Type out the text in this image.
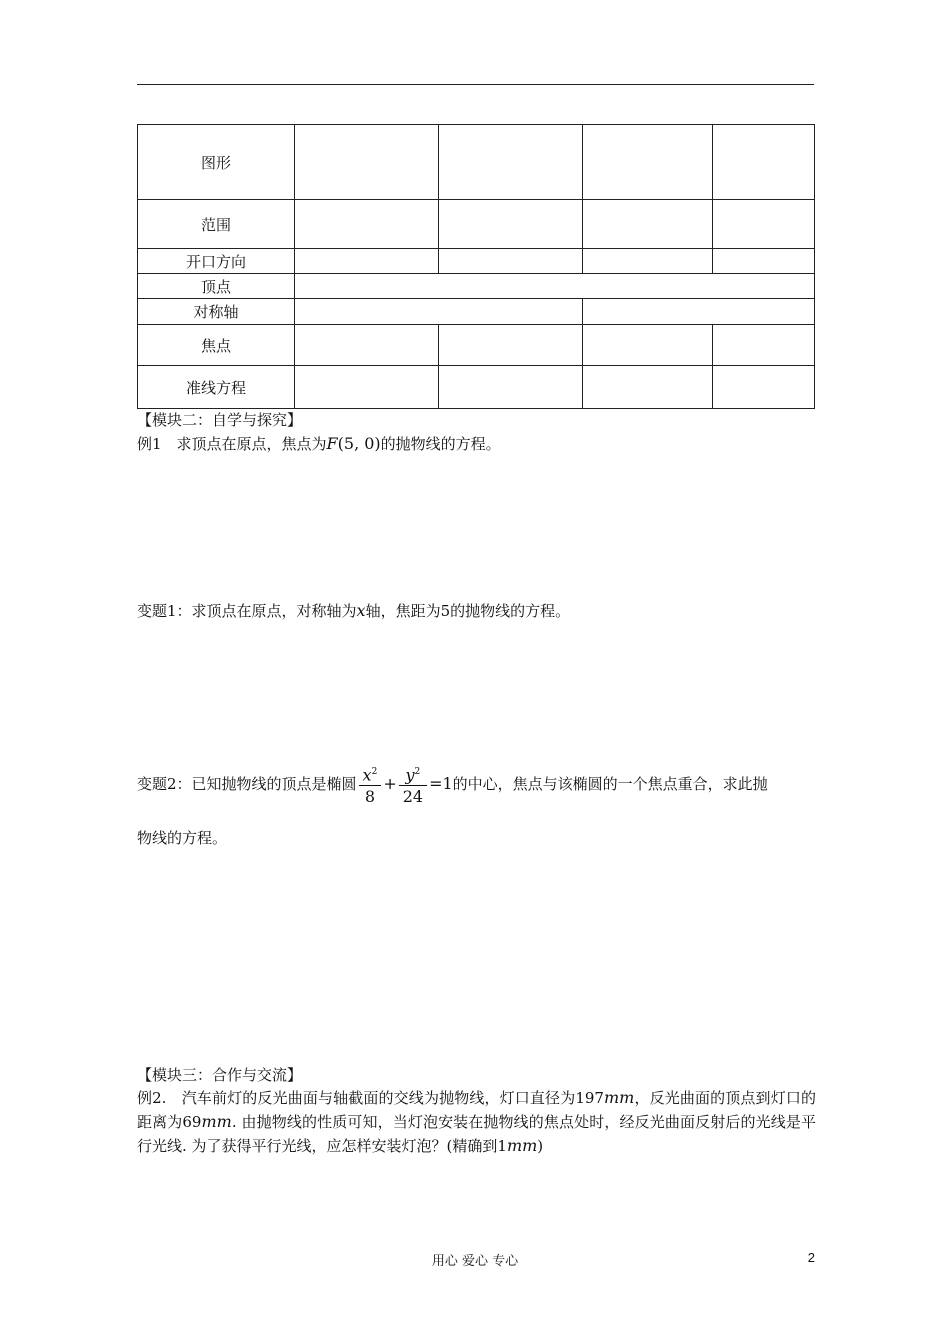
图形				
范围				
开口方向				
顶点				
对称轴				
焦点				
准线方程				
【模块二：自学与探究】
例1　求顶点在原点，焦点为F(5, 0)的抛物线的方程。
变题1：求顶点在原点，对称轴为x轴，焦距为5的抛物线的方程。
变题2：已知抛物线的顶点是椭圆 $\frac{x^2}{8} + \frac{y^2}{24} =1$的中心，焦点与该椭圆的一个焦点重合，求此抛
物线的方程。
【模块三：合作与交流】
例2.　汽车前灯的反光曲面与轴截面的交线为抛物线，灯口直径为197mm，反光曲面的顶点到灯口的距离为69mm. 由抛物线的性质可知，当灯泡安装在抛物线的焦点处时，经反光曲面反射后的光线是平行光线. 为了获得平行光线，应怎样安装灯泡？(精确到1mm)
用心 爱心 专心	2
